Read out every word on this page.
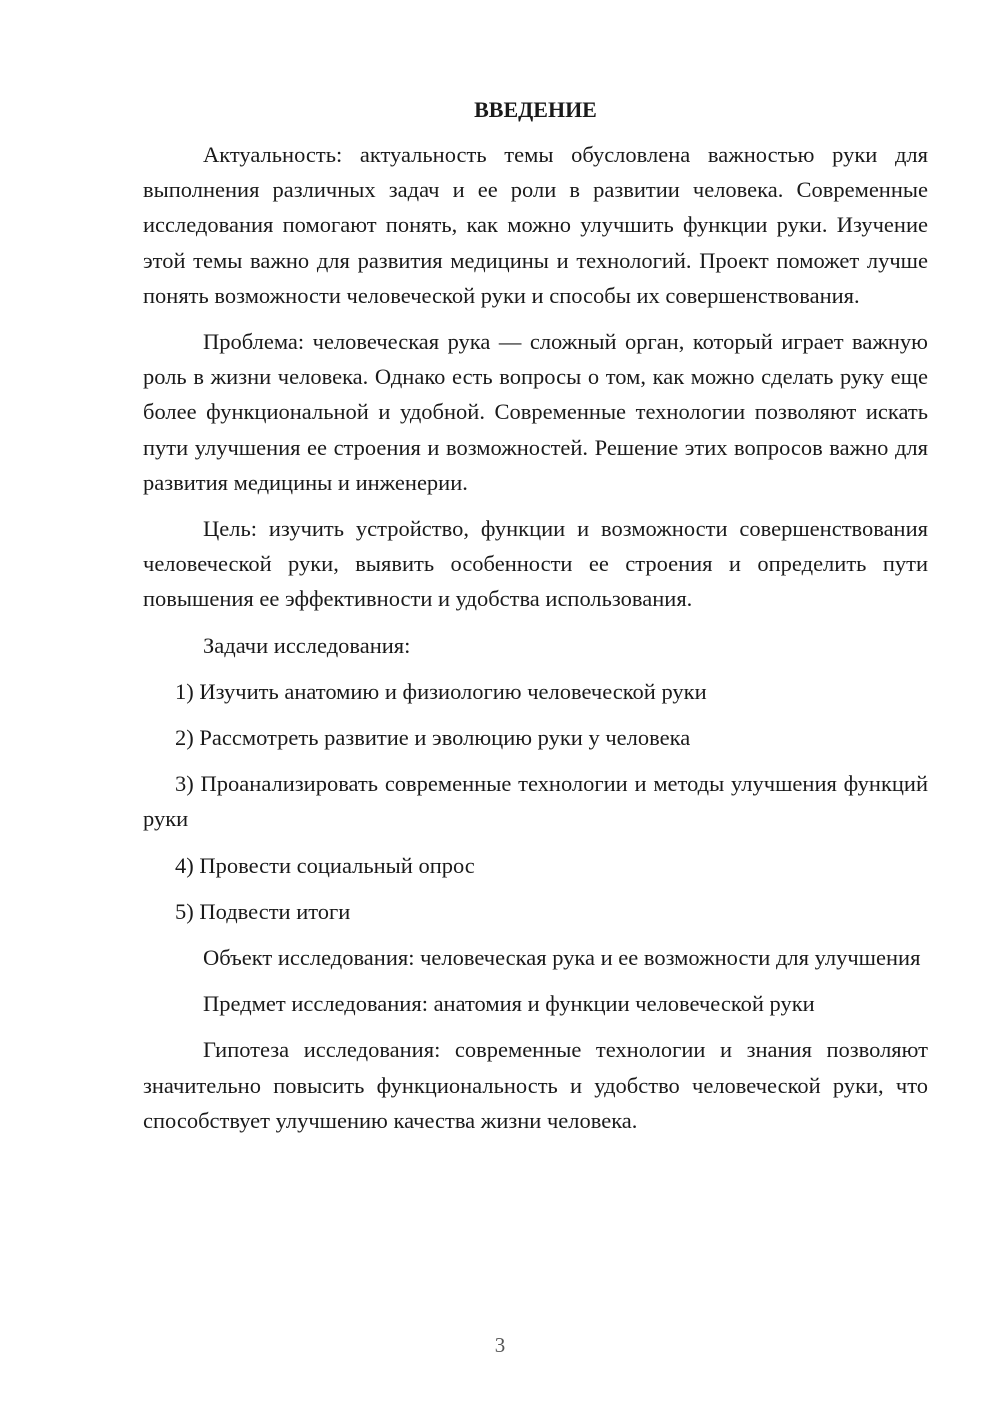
ВВЕДЕНИЕ

Актуальность: актуальность темы обусловлена важностью руки для выполнения различных задач и ее роли в развитии человека. Современные исследования помогают понять, как можно улучшить функции руки. Изучение этой темы важно для развития медицины и технологий. Проект поможет лучше понять возможности человеческой руки и способы их совершенствования.

Проблема: человеческая рука — сложный орган, который играет важную роль в жизни человека. Однако есть вопросы о том, как можно сделать руку еще более функциональной и удобной. Современные технологии позволяют искать пути улучшения ее строения и возможностей. Решение этих вопросов важно для развития медицины и инженерии.

Цель: изучить устройство, функции и возможности совершенствования человеческой руки, выявить особенности ее строения и определить пути повышения ее эффективности и удобства использования.

Задачи исследования:

1) Изучить анатомию и физиологию человеческой руки

2) Рассмотреть развитие и эволюцию руки у человека

3) Проанализировать современные технологии и методы улучшения функций руки

4) Провести социальный опрос

5) Подвести итоги

Объект исследования: человеческая рука и ее возможности для улучшения

Предмет исследования: анатомия и функции человеческой руки

Гипотеза исследования: современные технологии и знания позволяют значительно повысить функциональность и удобство человеческой руки, что способствует улучшению качества жизни человека.

3
